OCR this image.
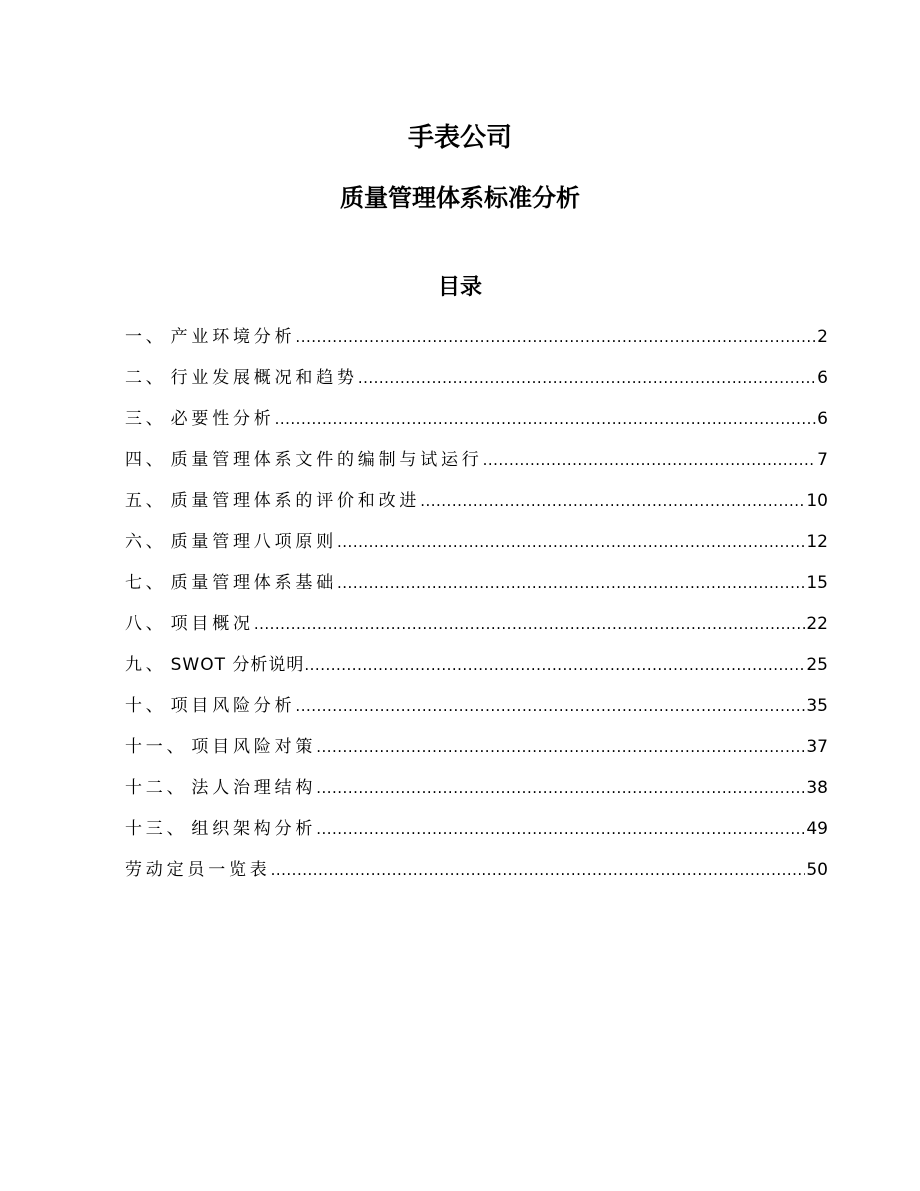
手表公司
质量管理体系标准分析
目录
一、 产业环境分析 .....	2
二、 行业发展概况和趋势 .....	6
三、 必要性分析 .....	6
四、 质量管理体系文件的编制与试运行 .....	7
五、 质量管理体系的评价和改进 .....	10
六、 质量管理八项原则 .....	12
七、 质量管理体系基础 .....	15
八、 项目概况 .....	22
九、 SWOT 分析说明 .....	25
十、 项目风险分析 .....	35
十一、 项目风险对策 .....	37
十二、 法人治理结构 .....	38
十三、 组织架构分析 .....	49
劳动定员一览表 .....	50
